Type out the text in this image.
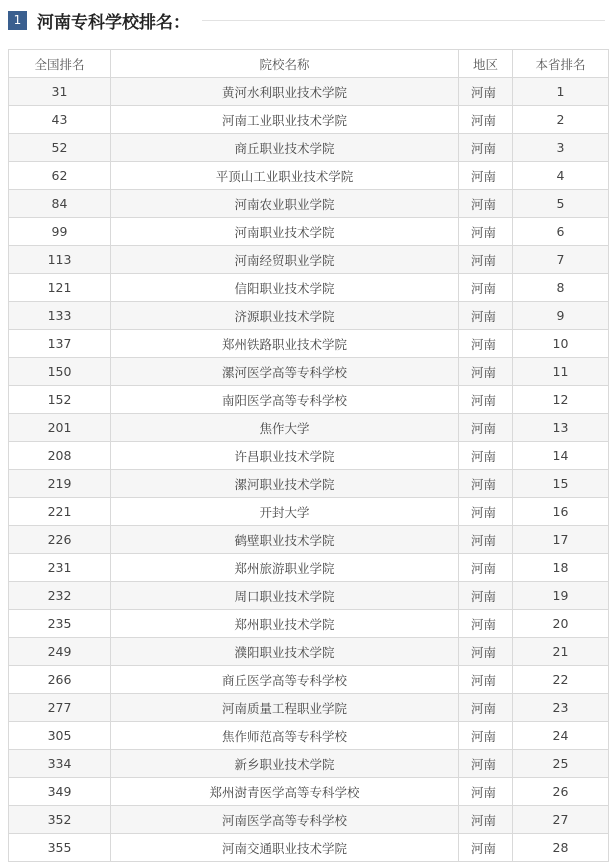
1 河南专科学校排名：
全国排名	院校名称	地区	本省排名
31	黄河水利职业技术学院	河南	1
43	河南工业职业技术学院	河南	2
52	商丘职业技术学院	河南	3
62	平顶山工业职业技术学院	河南	4
84	河南农业职业学院	河南	5
99	河南职业技术学院	河南	6
113	河南经贸职业学院	河南	7
121	信阳职业技术学院	河南	8
133	济源职业技术学院	河南	9
137	郑州铁路职业技术学院	河南	10
150	漯河医学高等专科学校	河南	11
152	南阳医学高等专科学校	河南	12
201	焦作大学	河南	13
208	许昌职业技术学院	河南	14
219	漯河职业技术学院	河南	15
221	开封大学	河南	16
226	鹤壁职业技术学院	河南	17
231	郑州旅游职业学院	河南	18
232	周口职业技术学院	河南	19
235	郑州职业技术学院	河南	20
249	濮阳职业技术学院	河南	21
266	商丘医学高等专科学校	河南	22
277	河南质量工程职业学院	河南	23
305	焦作师范高等专科学校	河南	24
334	新乡职业技术学院	河南	25
349	郑州澍青医学高等专科学校	河南	26
352	河南医学高等专科学校	河南	27
355	河南交通职业技术学院	河南	28
